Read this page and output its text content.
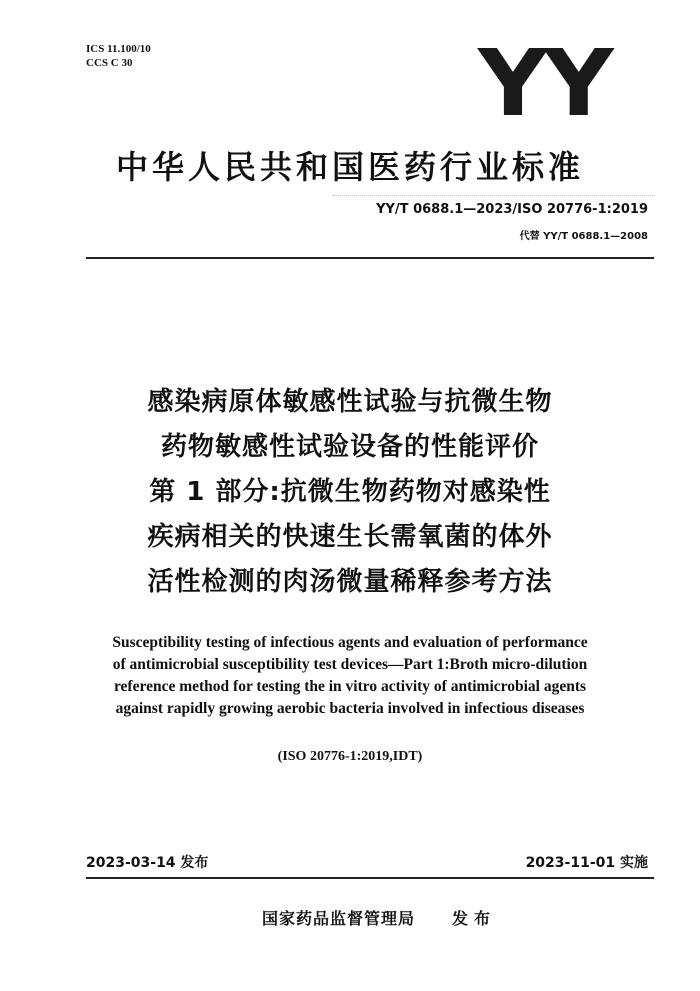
ICS 11.100/10
CCS C 30	YY
中华人民共和国医药行业标准
YY/T 0688.1—2023/ISO 20776-1:2019
代替 YY/T 0688.1—2008
感染病原体敏感性试验与抗微生物
药物敏感性试验设备的性能评价
第 1 部分:抗微生物药物对感染性
疾病相关的快速生长需氧菌的体外
活性检测的肉汤微量稀释参考方法
Susceptibility testing of infectious agents and evaluation of performance
of antimicrobial susceptibility test devices—Part 1:Broth micro-dilution
reference method for testing the in vitro activity of antimicrobial agents
against rapidly growing aerobic bacteria involved in infectious diseases
(ISO 20776-1:2019,IDT)
2023-03-14 发布	2023-11-01 实施
国家药品监督管理局 发布
